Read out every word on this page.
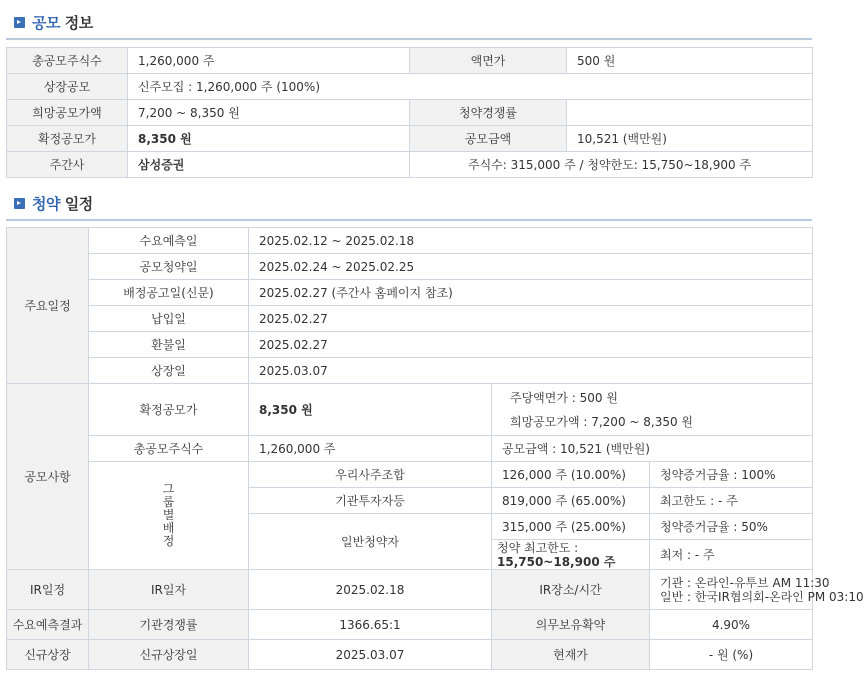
공모 정보
총공모주식수	1,260,000 주	액면가	500 원
상장공모	신주모집 : 1,260,000 주 (100%)		
희망공모가액	7,200 ~ 8,350 원	청약경쟁률	
확정공모가	8,350 원	공모금액	10,521 (백만원)
주간사	삼성증권	주식수: 315,000 주 / 청약한도: 15,750~18,900 주	
청약 일정
주요일정	수요예측일	2025.02.12 ~ 2025.02.18		
	공모청약일	2025.02.24 ~ 2025.02.25		
	배정공고일(신문)	2025.02.27 (주간사 홈페이지 참조)		
	납입일	2025.02.27		
	환불일	2025.02.27		
	상장일	2025.03.07		
공모사항	확정공모가	8,350 원	주당액면가 : 500 원
희망공모가액 : 7,200 ~ 8,350 원	

	총공모주식수	1,260,000 주	공모금액 : 10,521 (백만원)	
	그룹별배정	우리사주조합	126,000 주 (10.00%)	청약증거금율 : 100%
		기관투자자등	819,000 주 (65.00%)	최고한도 : - 주
		일반청약자	315,000 주 (25.00%)	청약증거금율 : 50%

			청약 최고한도 :
15,750~18,900 주	최저 : - 주
IR일정	IR일자	2025.02.18	IR장소/시간	기관 : 온라인-유투브 AM 11:30
일반 : 한국IR협의회-온라인 PM 03:10

수요예측결과	기관경쟁률	1366.65:1	의무보유확약	4.90%
신규상장	신규상장일	2025.03.07	현재가	- 원 (%)
